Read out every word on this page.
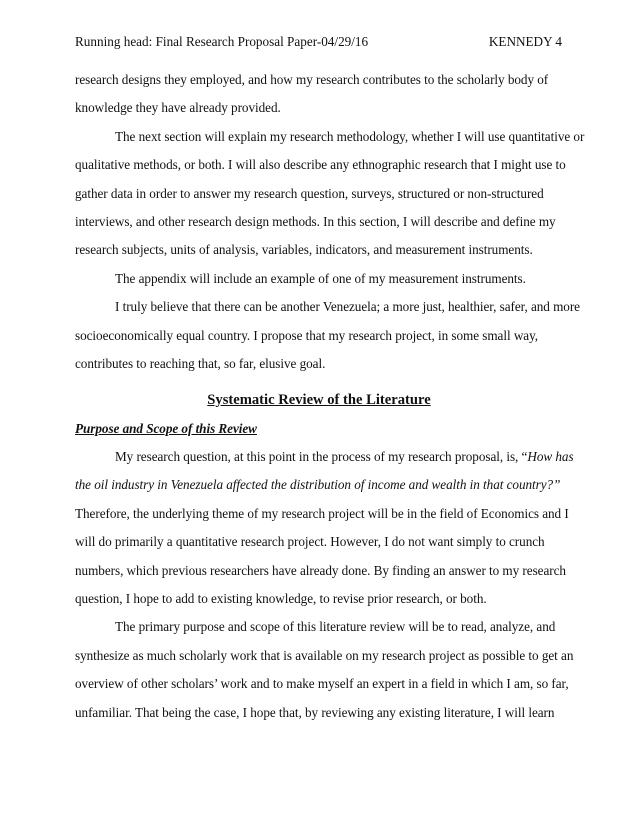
Running head: Final Research Proposal Paper-04/29/16	KENNEDY 4
research designs they employed, and how my research contributes to the scholarly body of
knowledge they have already provided.
The next section will explain my research methodology, whether I will use quantitative or
qualitative methods, or both. I will also describe any ethnographic research that I might use to
gather data in order to answer my research question, surveys, structured or non-structured
interviews, and other research design methods. In this section, I will describe and define my
research subjects, units of analysis, variables, indicators, and measurement instruments.
The appendix will include an example of one of my measurement instruments.
I truly believe that there can be another Venezuela; a more just, healthier, safer, and more
socioeconomically equal country. I propose that my research project, in some small way,
contributes to reaching that, so far, elusive goal.
Systematic Review of the Literature
Purpose and Scope of this Review
My research question, at this point in the process of my research proposal, is, “How has
the oil industry in Venezuela affected the distribution of income and wealth in that country?”
Therefore, the underlying theme of my research project will be in the field of Economics and I
will do primarily a quantitative research project. However, I do not want simply to crunch
numbers, which previous researchers have already done. By finding an answer to my research
question, I hope to add to existing knowledge, to revise prior research, or both.
The primary purpose and scope of this literature review will be to read, analyze, and
synthesize as much scholarly work that is available on my research project as possible to get an
overview of other scholars’ work and to make myself an expert in a field in which I am, so far,
unfamiliar. That being the case, I hope that, by reviewing any existing literature, I will learn
